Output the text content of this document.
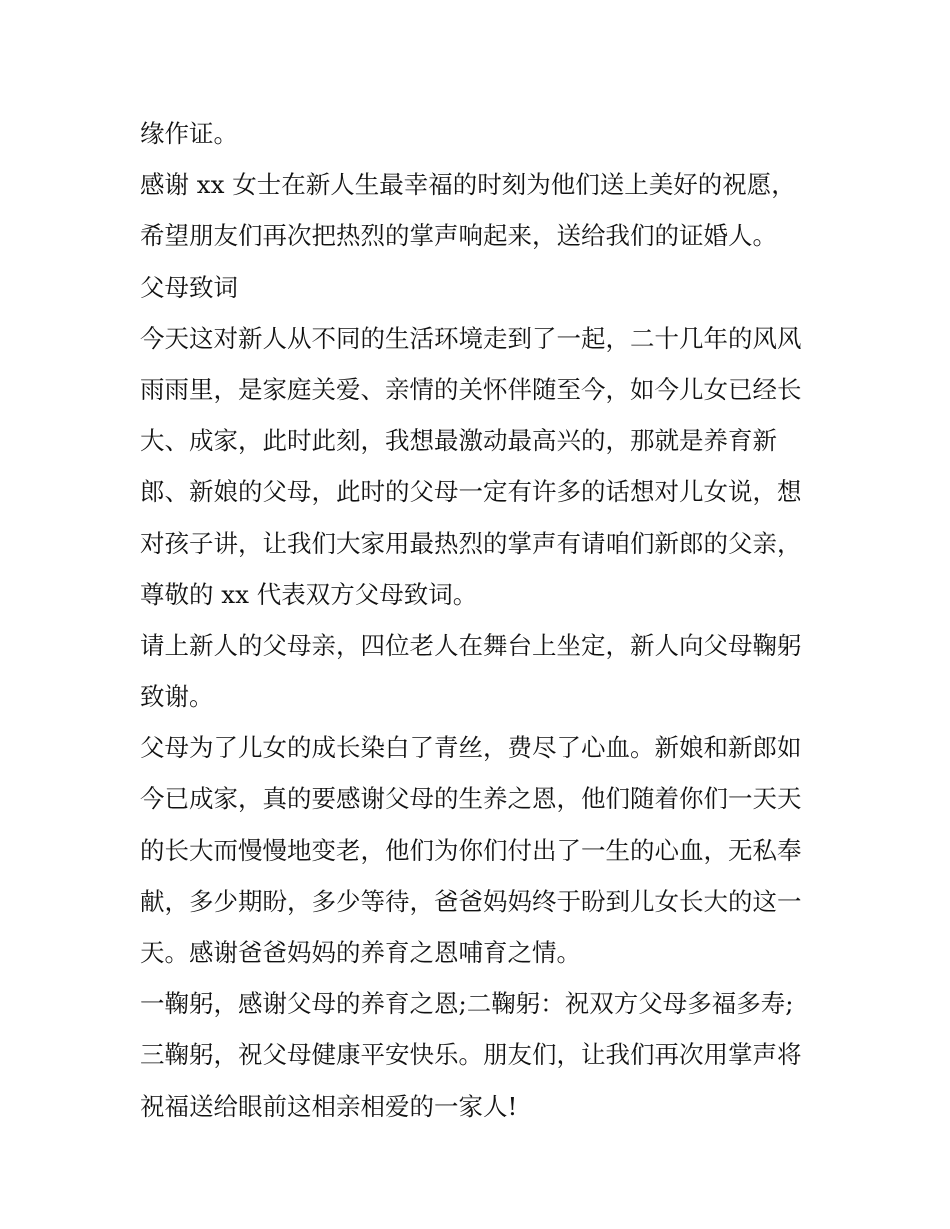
缘作证。
感谢 xx 女士在新人生最幸福的时刻为他们送上美好的祝愿，
希望朋友们再次把热烈的掌声响起来，送给我们的证婚人。
父母致词
今天这对新人从不同的生活环境走到了一起，二十几年的风风
雨雨里，是家庭关爱、亲情的关怀伴随至今，如今儿女已经长
大、成家，此时此刻，我想最激动最高兴的，那就是养育新
郎、新娘的父母，此时的父母一定有许多的话想对儿女说，想
对孩子讲，让我们大家用最热烈的掌声有请咱们新郎的父亲，
尊敬的 xx 代表双方父母致词。
请上新人的父母亲，四位老人在舞台上坐定，新人向父母鞠躬
致谢。
父母为了儿女的成长染白了青丝，费尽了心血。新娘和新郎如
今已成家，真的要感谢父母的生养之恩，他们随着你们一天天
的长大而慢慢地变老，他们为你们付出了一生的心血，无私奉
献，多少期盼，多少等待，爸爸妈妈终于盼到儿女长大的这一
天。感谢爸爸妈妈的养育之恩哺育之情。
一鞠躬，感谢父母的养育之恩;二鞠躬：祝双方父母多福多寿;
三鞠躬，祝父母健康平安快乐。朋友们，让我们再次用掌声将
祝福送给眼前这相亲相爱的一家人!
